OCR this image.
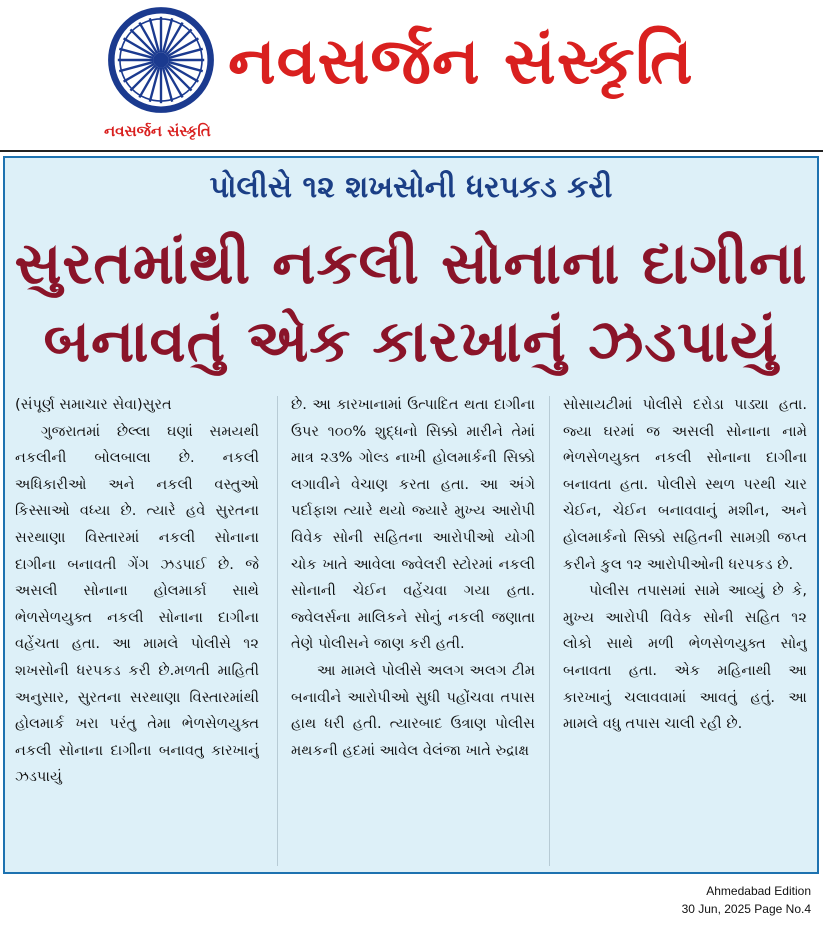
નવસર્જન સંસ્કૃતિ
નવસર્જન સંસ્કૃતિ
પોલીસે ૧૨ શખસોની ધરપકડ કરી
સુરતમાંથી નકલી સોનાના દાગીના
બનાવતું એક કારખાનું ઝડપાયું

(સંપૂર્ણ સમાચાર સેવા)સુરત

ગુજરાતમાં છેલ્લા ઘણાં સમયથી નકલીની બોલબાલા છે. નકલી અધિકારીઓ અને નકલી વસ્તુઓ કિસ્સાઓ વધ્યા છે. ત્યારે હવે સુરતના સરથાણા વિસ્તારમાં નકલી સોનાના દાગીના બનાવતી ગેંગ ઝડપાઈ છે. જે અસલી સોનાના હોલમાર્કા સાથે ભેળસેળયુક્ત નકલી સોનાના દાગીના વહેંચતા હતા. આ મામલે પોલીસે ૧૨ શખસોની ધરપકડ કરી છે.મળતી માહિતી અનુસાર, સુરતના સરથાણા વિસ્તારમાંથી હોલમાર્ક ખરા પરંતુ તેમા ભેળસેળયુક્ત નકલી સોનાના દાગીના બનાવતુ કારખાનું ઝડપાયું

છે. આ કારખાનામાં ઉત્પાદિત થતા દાગીના ઉપર ૧૦૦% શુદ્ધનો સિક્કો મારીને તેમાં માત્ર ૨૩% ગોલ્ડ નાખી હોલમાર્કની સિક્કો લગાવીને વેચાણ કરતા હતા. આ અંગે પર્દાફાશ ત્યારે થયો જ્યારે મુખ્ય આરોપી વિવેક સોની સહિતના આરોપીઓ યોગી ચોક ખાતે આવેલા જ્વેલરી સ્ટોરમાં નકલી સોનાની ચેઈન વહેંચવા ગયા હતા. જ્વેલર્સના માલિકને સોનું નકલી જણાતા તેણે પોલીસને જાણ કરી હતી.

આ મામલે પોલીસે અલગ અલગ ટીમ બનાવીને આરોપીઓ સુધી પહોંચવા તપાસ હાથ ધરી હતી. ત્યારબાદ ઉત્રાણ પોલીસ મથકની હદમાં આવેલ વેલંજા ખાતે રુદ્રાક્ષ

સોસાયટીમાં પોલીસે દરોડા પાડ્યા હતા. જ્યા ઘરમાં જ અસલી સોનાના નામે ભેળસેળયુક્ત નકલી સોનાના દાગીના બનાવતા હતા. પોલીસે સ્થળ પરથી ચાર ચેઈન, ચેઈન બનાવવાનું મશીન, અને હોલમાર્કનો સિક્કો સહિતની સામગ્રી જપ્ત કરીને કુલ ૧૨ આરોપીઓની ધરપકડ છે.

પોલીસ તપાસમાં સામે આવ્યું છે કે, મુખ્ય આરોપી વિવેક સોની સહિત ૧૨ લોકો સાથે મળી ભેળસેળયુક્ત સોનુ બનાવતા હતા. એક મહિનાથી આ કારખાનું ચલાવવામાં આવતું હતું. આ મામલે વધુ તપાસ ચાલી રહી છે.

Ahmedabad Edition
30 Jun, 2025 Page No.4
